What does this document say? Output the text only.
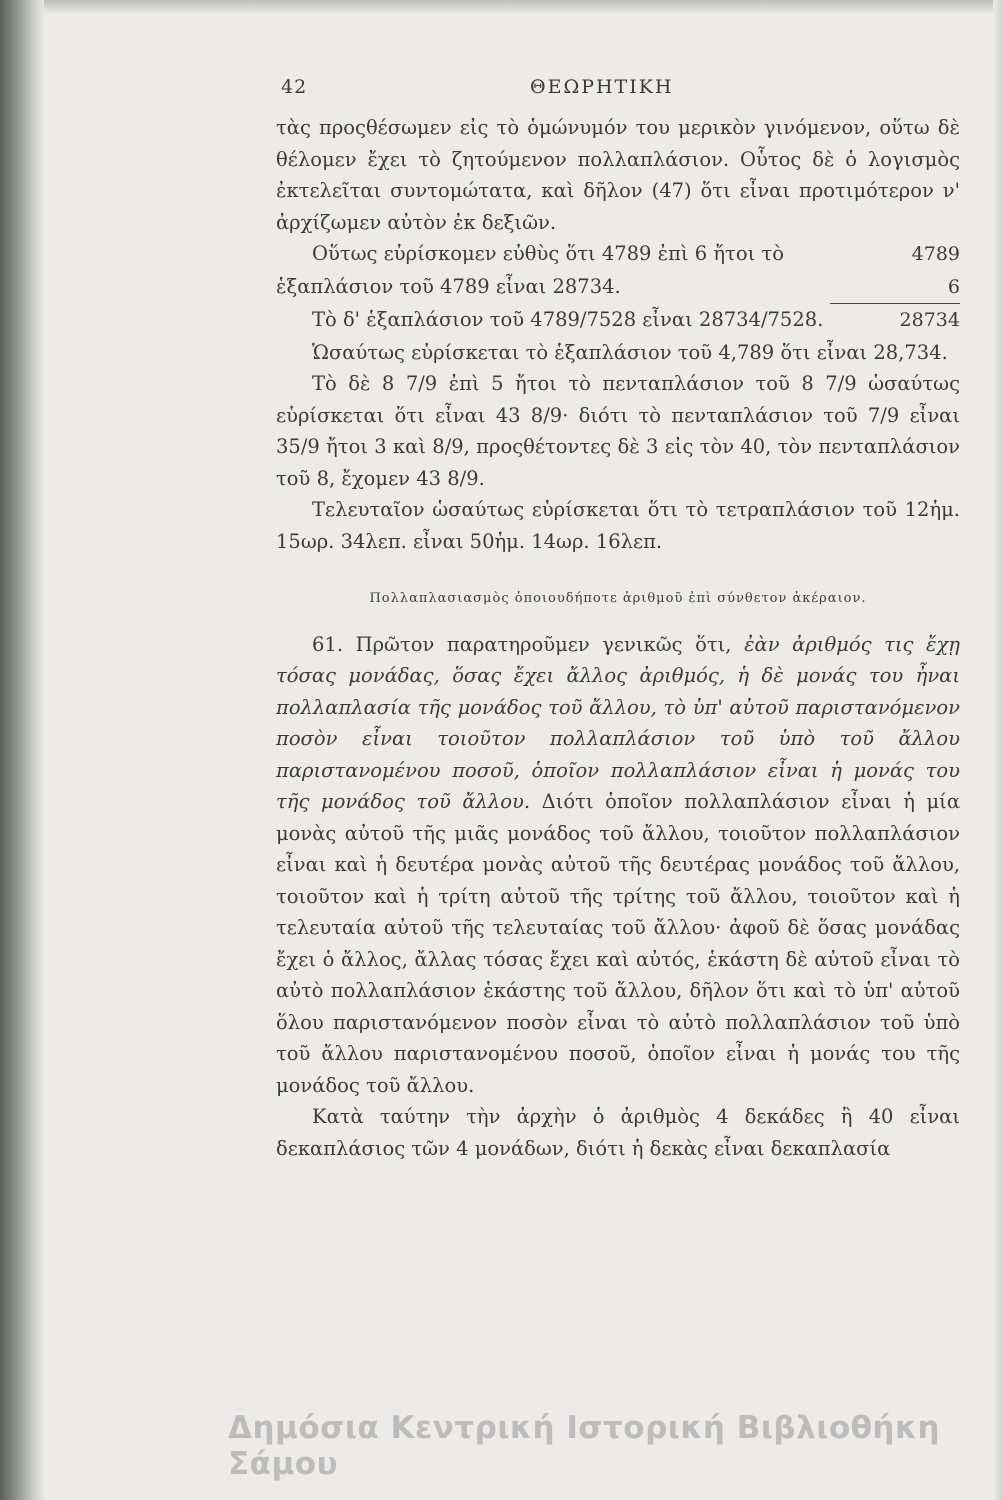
42	ΘΕΩΡΗΤΙΚΗ

τὰς προςθέσωμεν εἰς τὸ ὁμώνυμόν του μερικὸν γινόμενον, οὕτω δὲ θέλομεν ἔχει τὸ ζητούμενον πολλαπλάσιον. Οὗτος δὲ ὁ λογισμὸς ἐκτελεῖται συντομώτατα, καὶ δῆλον (47) ὅτι εἶναι προτιμότερον ν' ἀρχίζωμεν αὐτὸν ἐκ δεξιῶν.

Οὕτως εὑρίσκομεν εὐθὺς ὅτι 4789 ἐπὶ 6 ἤτοι τὸ	4789
ἑξαπλάσιον τοῦ 4789 εἶναι 28734.	6
Τὸ δ' ἑξαπλάσιον τοῦ 4789/7528 εἶναι 28734/7528.	28734

Ὡσαύτως εὑρίσκεται τὸ ἑξαπλάσιον τοῦ 4,789 ὅτι εἶναι 28,734.

Τὸ δὲ 8 7/9 ἐπὶ 5 ἤτοι τὸ πενταπλάσιον τοῦ 8 7/9 ὡσαύτως εὑρίσκεται ὅτι εἶναι 43 8/9· διότι τὸ πενταπλάσιον τοῦ 7/9 εἶναι 35/9 ἤτοι 3 καὶ 8/9, προςθέτοντες δὲ 3 εἰς τὸν 40, τὸν πενταπλάσιον τοῦ 8, ἔχομεν 43 8/9.

Τελευταῖον ὡσαύτως εὑρίσκεται ὅτι τὸ τετραπλάσιον τοῦ 12ἡμ. 15ωρ. 34λεπ. εἶναι 50ἡμ. 14ωρ. 16λεπ.

Πολλαπλασιασμὸς ὁποιουδήποτε ἀριθμοῦ ἐπὶ σύνθετον ἀκέραιον.

61. Πρῶτον παρατηροῦμεν γενικῶς ὅτι, ἐὰν ἀριθμός τις ἔχῃ τόσας μονάδας, ὅσας ἔχει ἄλλος ἀριθμός, ἡ δὲ μονάς του ἦναι πολλαπλασία τῆς μονάδος τοῦ ἄλλου, τὸ ὑπ' αὐτοῦ παριστανόμενον ποσὸν εἶναι τοιοῦτον πολλαπλάσιον τοῦ ὑπὸ τοῦ ἄλλου παριστανομένου ποσοῦ, ὁποῖον πολλαπλάσιον εἶναι ἡ μονάς του τῆς μονάδος τοῦ ἄλλου. Διότι ὁποῖον πολλαπλάσιον εἶναι ἡ μία μονὰς αὐτοῦ τῆς μιᾶς μονάδος τοῦ ἄλλου, τοιοῦτον πολλαπλάσιον εἶναι καὶ ἡ δευτέρα μονὰς αὐτοῦ τῆς δευτέρας μονάδος τοῦ ἄλλου, τοιοῦτον καὶ ἡ τρίτη αὐτοῦ τῆς τρίτης τοῦ ἄλλου, τοιοῦτον καὶ ἡ τελευταία αὐτοῦ τῆς τελευταίας τοῦ ἄλλου· ἀφοῦ δὲ ὅσας μονάδας ἔχει ὁ ἄλλος, ἄλλας τόσας ἔχει καὶ αὐτός, ἑκάστη δὲ αὐτοῦ εἶναι τὸ αὐτὸ πολλαπλάσιον ἑκάστης τοῦ ἄλλου, δῆλον ὅτι καὶ τὸ ὑπ' αὐτοῦ ὅλου παριστανόμενον ποσὸν εἶναι τὸ αὐτὸ πολλαπλάσιον τοῦ ὑπὸ τοῦ ἄλλου παριστανομένου ποσοῦ, ὁποῖον εἶναι ἡ μονάς του τῆς μονάδος τοῦ ἄλλου.

Κατὰ ταύτην τὴν ἀρχὴν ὁ ἀριθμὸς 4 δεκάδες ἢ 40 εἶναι δεκαπλάσιος τῶν 4 μονάδων, διότι ἡ δεκὰς εἶναι δεκαπλασία

Δημόσια Κεντρική Ιστορική Βιβλιοθήκη Σάμου
